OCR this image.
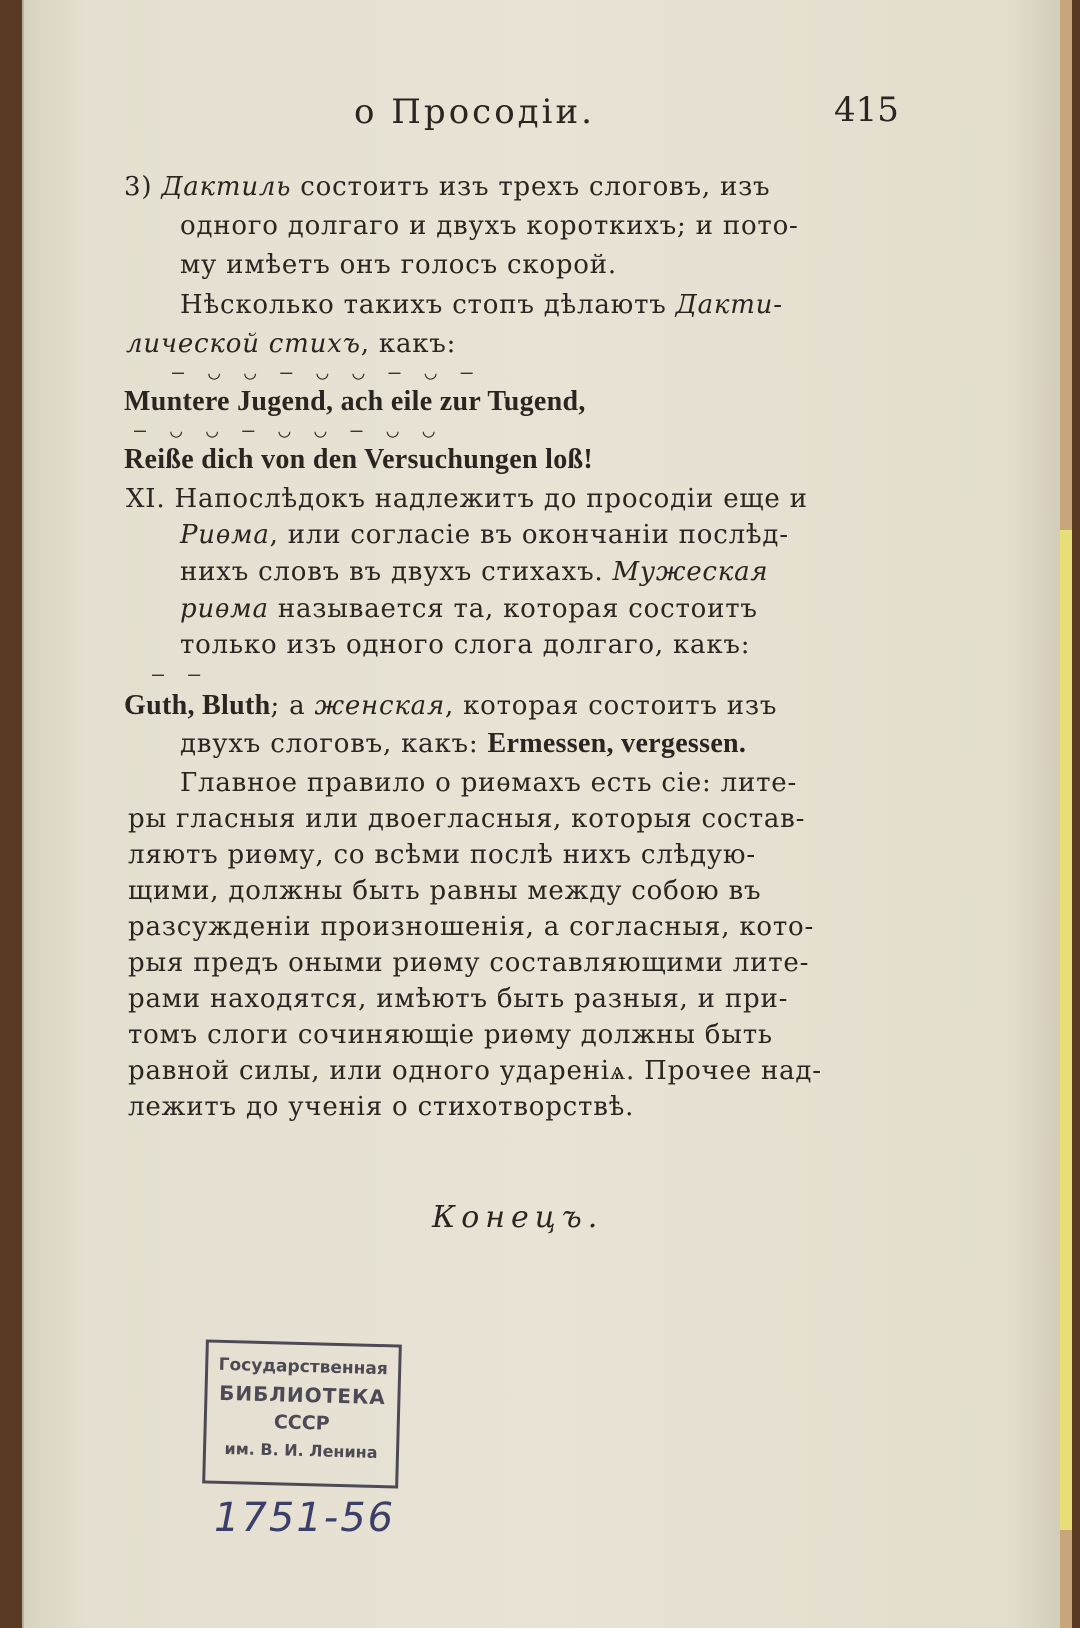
о Просодіи.	415
3) Дактиль состоитъ изъ трехъ слоговъ, изъ
одного долгаго и двухъ короткихъ; и пото-
му имѣетъ онъ голосъ скорой.
Нѣсколько такихъ стопъ дѣлаютъ Дакти-
лической стихъ, какъ:
— ◡ ◡ — ◡ ◡ — ◡ —
Muntere Jugend, ach eile zur Tugend,
— ◡ ◡ — ◡ ◡ — ◡ ◡
Reiße dich von den Versuchungen loß!
XI. Напослѣдокъ надлежитъ до просодіи еще и
Риѳма, или согласіе въ окончаніи послѣд-
нихъ словъ въ двухъ стихахъ. Мужеская
риѳма называется та, которая состоитъ
только изъ одного слога долгаго, какъ:
— —
Guth, Bluth; а женская, которая состоитъ изъ
двухъ слоговъ, какъ: Ermessen, vergessen.
Главное правило о риѳмахъ есть сіе: лите-
ры гласныя или двоегласныя, которыя состав-
ляютъ риѳму, со всѣми послѣ нихъ слѣдую-
щими, должны быть равны между собою въ
разсужденіи произношенія, а согласныя, кото-
рыя предъ оными риѳму составляющими лите-
рами находятся, имѣютъ быть разныя, и при-
томъ слоги сочиняющіе риѳму должны быть
равной силы, или одного удареніѧ. Прочее над-
лежитъ до ученія о стихотворствѣ.
Конецъ.
Государственная
БИБЛИОТЕКА
СССР
им. В. И. Ленина
1751-56
